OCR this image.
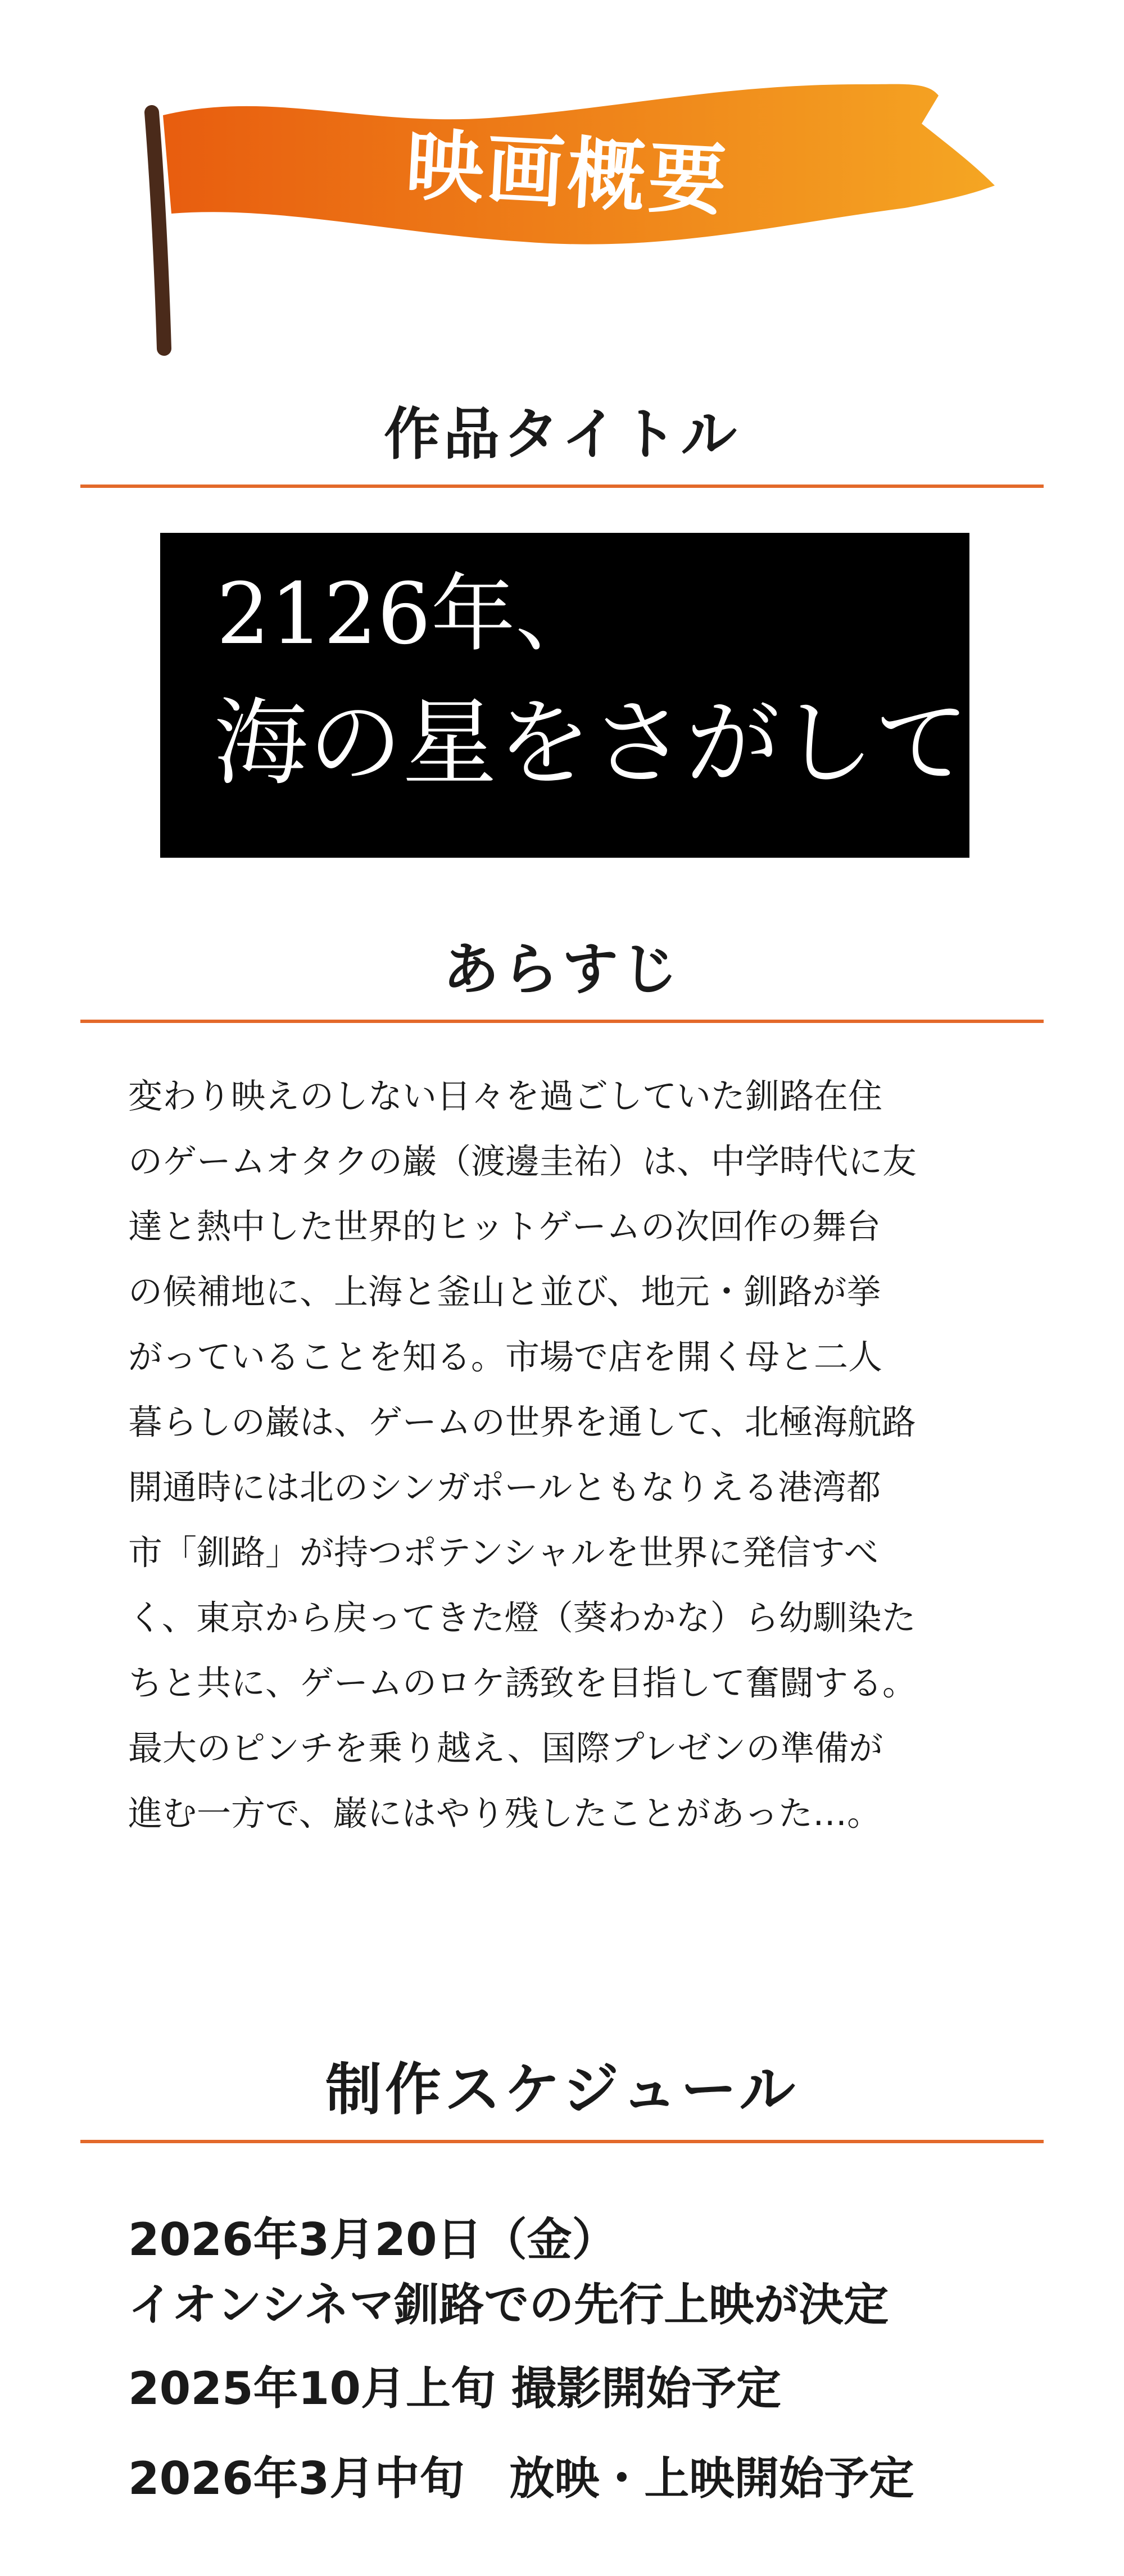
映画概要
作品タイトル
2126年、
海の星をさがして
あらすじ
変わり映えのしない日々を過ごしていた釧路在住
のゲームオタクの巌（渡邊圭祐）は、中学時代に友
達と熱中した世界的ヒットゲームの次回作の舞台
の候補地に、上海と釜山と並び、地元・釧路が挙
がっていることを知る。市場で店を開く母と二人
暮らしの巌は、ゲームの世界を通して、北極海航路
開通時には北のシンガポールともなりえる港湾都
市「釧路」が持つポテンシャルを世界に発信すべ
く、東京から戻ってきた燈（葵わかな）ら幼馴染た
ちと共に、ゲームのロケ誘致を目指して奮闘する。
最大のピンチを乗り越え、国際プレゼンの準備が
進む一方で、巌にはやり残したことがあった…。
制作スケジュール
2026年3月20日（金）
イオンシネマ釧路での先行上映が決定
2025年10月上旬 撮影開始予定
2026年3月中旬　放映・上映開始予定
